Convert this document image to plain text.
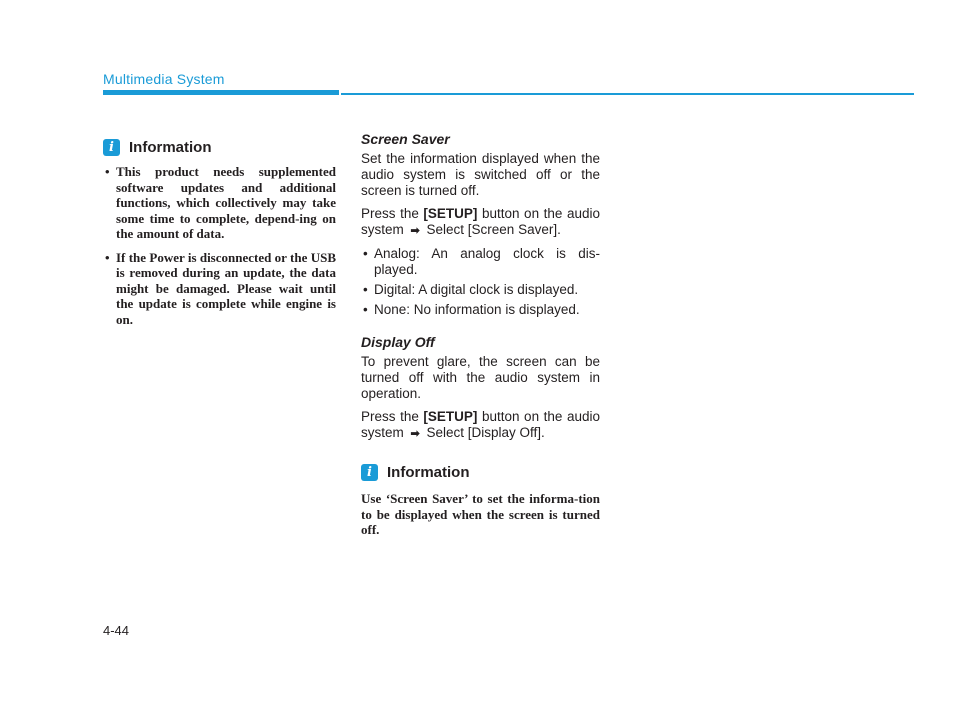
Multimedia System
i	Information
• This product needs supplemented software updates and additional functions, which collectively may take some time to complete, depend-ing on the amount of data.
• If the Power is disconnected or the USB is removed during an update, the data might be damaged. Please wait until the update is complete while engine is on.
Screen Saver

Set the information displayed when the audio system is switched off or the screen is turned off.

Press the [SETUP] button on the audio system ➡ Select [Screen Saver].

• Analog: An analog clock is dis-played.
• Digital: A digital clock is displayed.
• None: No information is displayed.
Display Off

To prevent glare, the screen can be turned off with the audio system in operation.

Press the [SETUP] button on the audio system ➡ Select [Display Off].

i	Information
Use ‘Screen Saver’ to set the informa-tion to be displayed when the screen is turned off.
4-44
